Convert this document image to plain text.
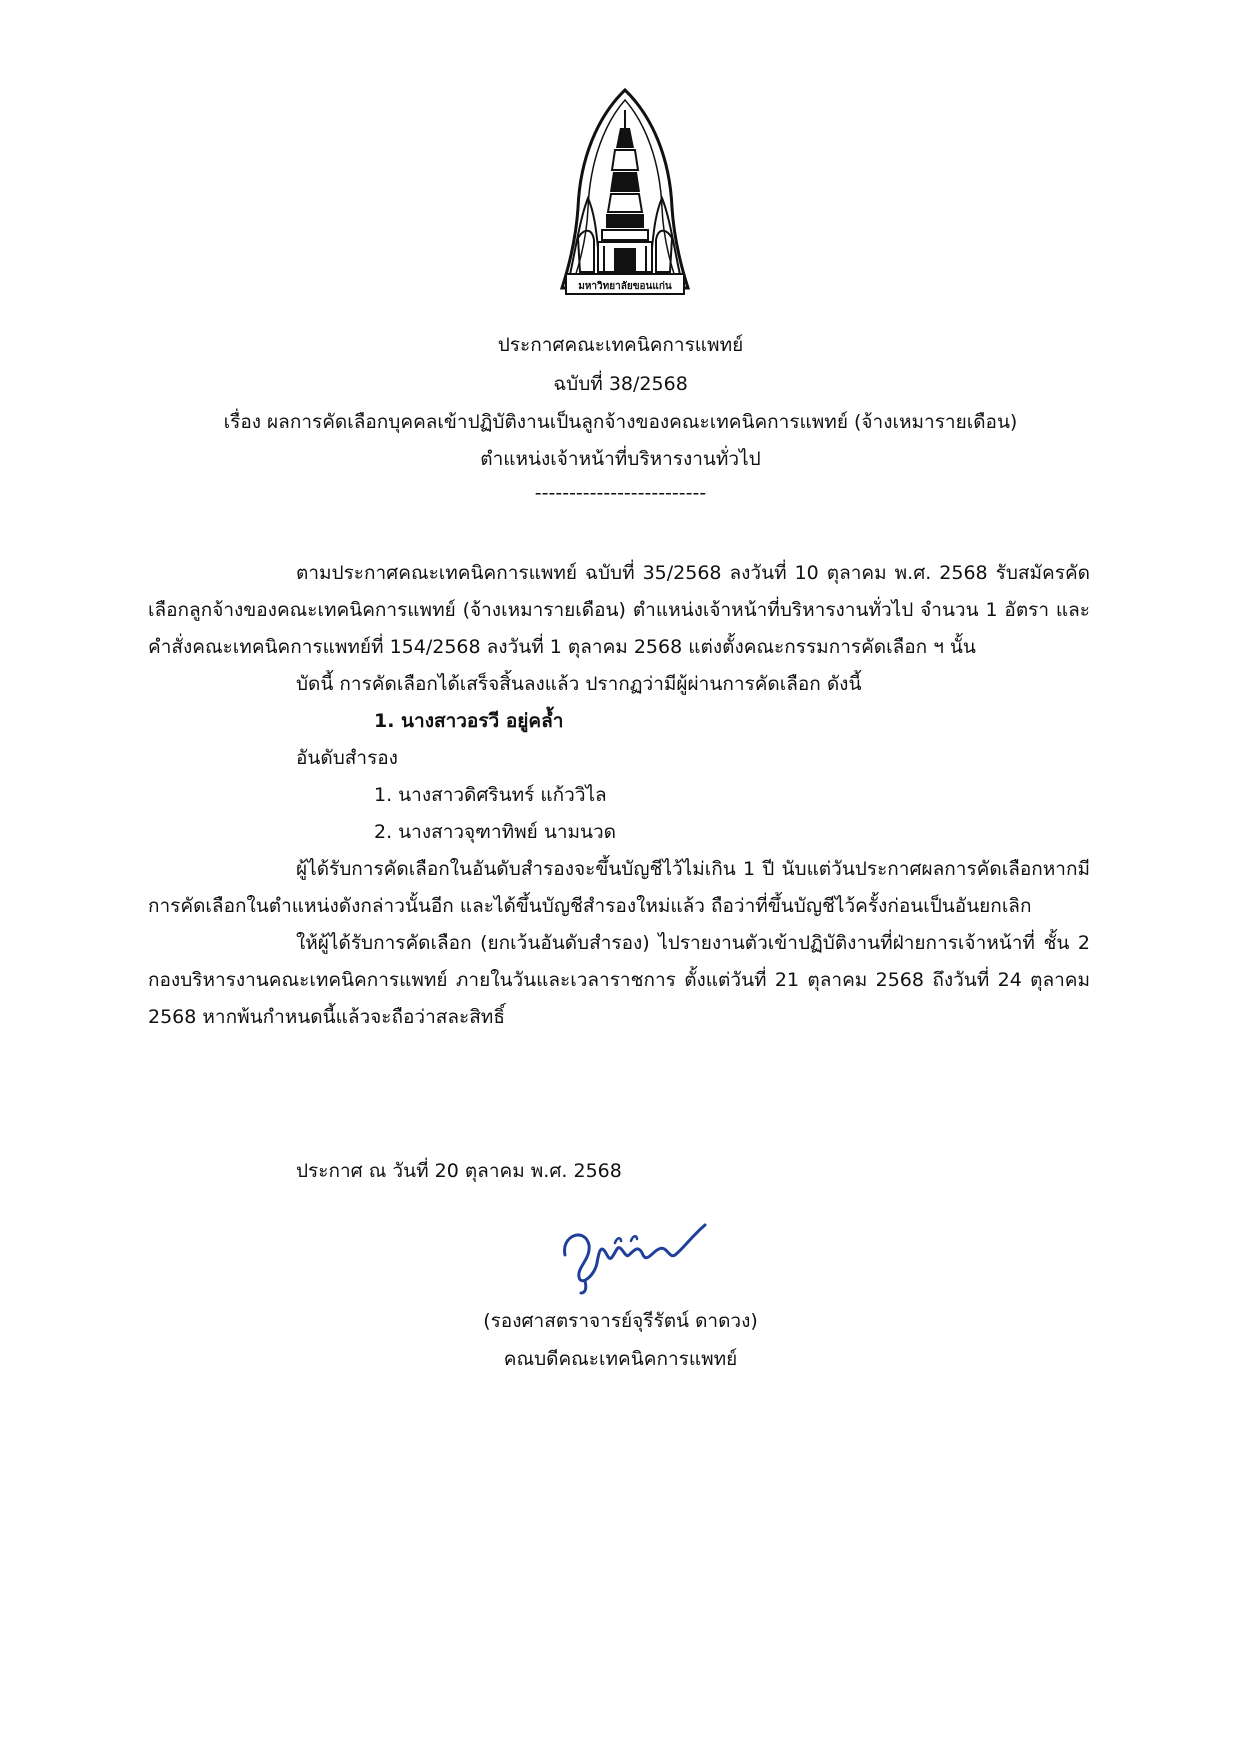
มหาวิทยาลัยขอนแก่น
ประกาศคณะเทคนิคการแพทย์
ฉบับที่ 38/2568
เรื่อง ผลการคัดเลือกบุคคลเข้าปฏิบัติงานเป็นลูกจ้างของคณะเทคนิคการแพทย์ (จ้างเหมารายเดือน)
ตำแหน่งเจ้าหน้าที่บริหารงานทั่วไป
-------------------------

ตามประกาศคณะเทคนิคการแพทย์ ฉบับที่ 35/2568 ลงวันที่ 10 ตุลาคม พ.ศ. 2568 รับสมัครคัดเลือกลูกจ้างของคณะเทคนิคการแพทย์ (จ้างเหมารายเดือน) ตำแหน่งเจ้าหน้าที่บริหารงานทั่วไป จำนวน 1 อัตรา และคำสั่งคณะเทคนิคการแพทย์ที่ 154/2568 ลงวันที่ 1 ตุลาคม 2568 แต่งตั้งคณะกรรมการคัดเลือก ฯ นั้น

บัดนี้ การคัดเลือกได้เสร็จสิ้นลงแล้ว ปรากฏว่ามีผู้ผ่านการคัดเลือก ดังนี้

1. นางสาวอรวี อยู่คล้ำ

อันดับสำรอง

1. นางสาวดิศรินทร์ แก้ววิไล

2. นางสาวจุฑาทิพย์ นามนวด

ผู้ได้รับการคัดเลือกในอันดับสำรองจะขึ้นบัญชีไว้ไม่เกิน 1 ปี นับแต่วันประกาศผลการคัดเลือกหากมีการคัดเลือกในตำแหน่งดังกล่าวนั้นอีก และได้ขึ้นบัญชีสำรองใหม่แล้ว ถือว่าที่ขึ้นบัญชีไว้ครั้งก่อนเป็นอันยกเลิก

ให้ผู้ได้รับการคัดเลือก (ยกเว้นอันดับสำรอง) ไปรายงานตัวเข้าปฏิบัติงานที่ฝ่ายการเจ้าหน้าที่ ชั้น 2 กองบริหารงานคณะเทคนิคการแพทย์ ภายในวันและเวลาราชการ ตั้งแต่วันที่ 21 ตุลาคม 2568 ถึงวันที่ 24 ตุลาคม 2568 หากพ้นกำหนดนี้แล้วจะถือว่าสละสิทธิ์

ประกาศ ณ วันที่ 20 ตุลาคม พ.ศ. 2568
(รองศาสตราจารย์จุรีรัตน์ ดาดวง)
คณบดีคณะเทคนิคการแพทย์
